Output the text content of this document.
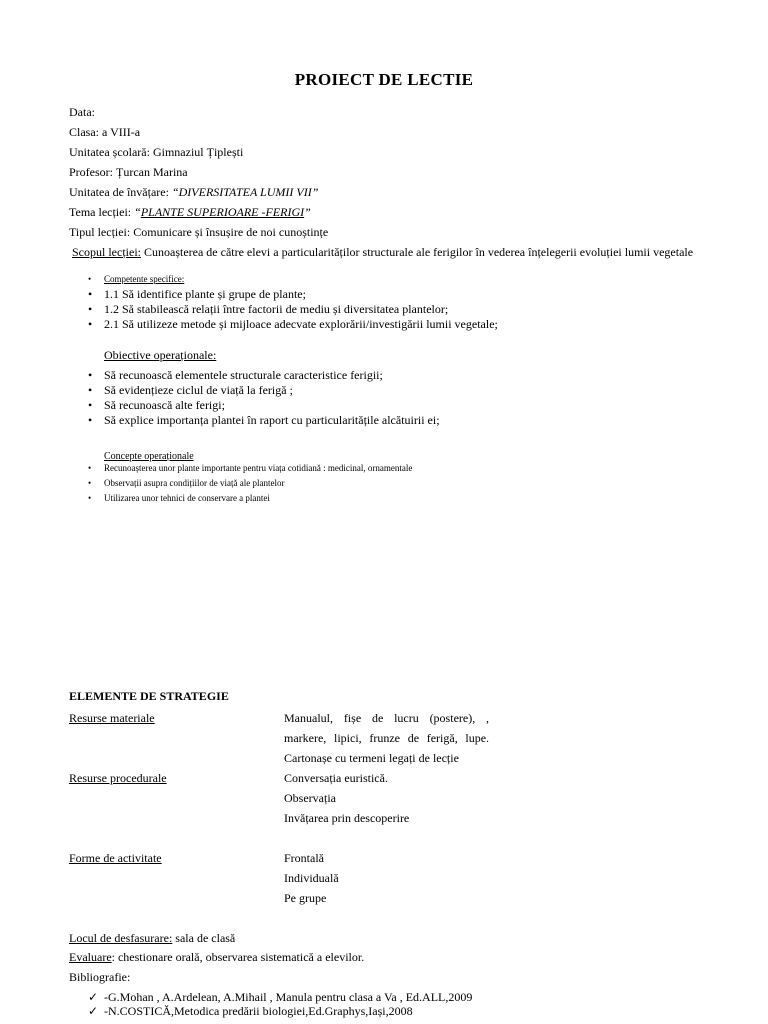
PROIECT DE LECTIE
Data:
Clasa: a VIII-a
Unitatea școlară: Gimnaziul Țiplești
Profesor: Țurcan Marina
Unitatea de învățare: “DIVERSITATEA LUMII VII”
Tema lecției: “PLANTE SUPERIOARE -FERIGI”
Tipul lecției: Comunicare și însușire de noi cunoștințe
Scopul lecției: Cunoașterea de către elevi a particularităților structurale ale ferigilor în vederea înțelegerii evoluției lumii vegetale
• Competente specifice:
• 1.1 Să identifice plante și grupe de plante;
• 1.2 Să stabilească relații între factorii de mediu și diversitatea plantelor;
• 2.1 Să utilizeze metode și mijloace adecvate explorării/investigării lumii vegetale;
Obiective operaționale:
• Să recunoască elementele structurale caracteristice ferigii;
• Să evidențieze ciclul de viață la ferigă ;
• Să recunoască alte ferigi;
• Să explice importanța plantei în raport cu particularitățile alcătuirii ei;
Concepte operaționale
• Recunoașterea unor plante importante pentru viața cotidiană : medicinal, ornamentale
• Observații asupra condițiilor de viață ale plantelor
• Utilizarea unor tehnici de conservare a plantei
ELEMENTE DE STRATEGIE
Resurse materiale	Manualul, fișe de lucru (postere), ,
markere, lipici, frunze de ferigă, lupe.
Cartonașe cu termeni legați de lecție
Resurse procedurale	Conversația euristică.
Observația
Invățarea prin descoperire
Forme de activitate	Frontală
Individuală
Pe grupe
Locul de desfasurare: sala de clasă
Evaluare: chestionare orală, observarea sistematică a elevilor.
Bibliografie:
✓ -G.Mohan , A.Ardelean, A.Mihail , Manula pentru clasa a Va , Ed.ALL,2009
✓ -N.COSTICĂ,Metodica predării biologiei,Ed.Graphys,Iași,2008
